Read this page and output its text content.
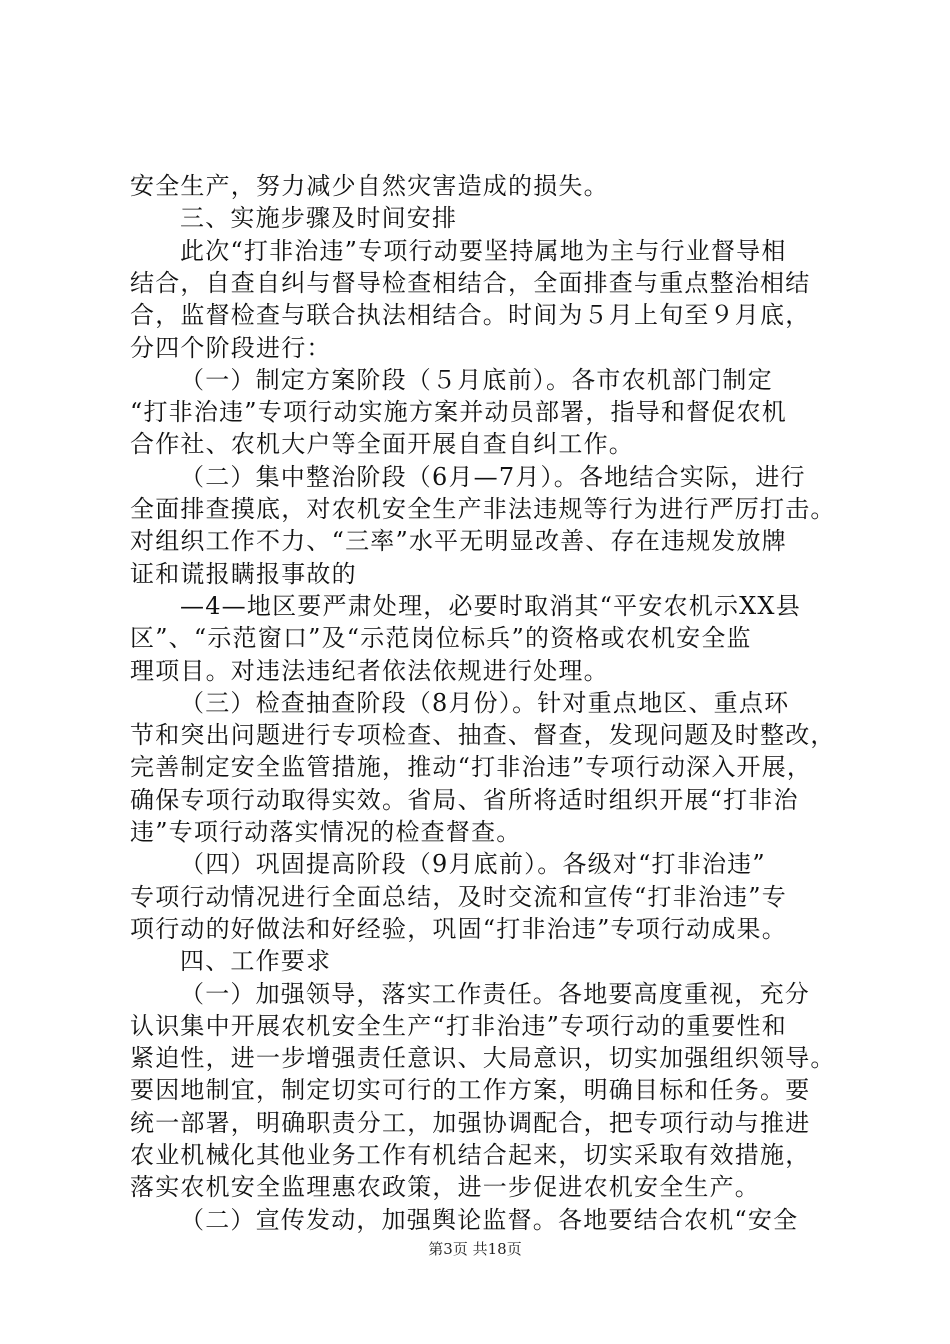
安全生产，努力减少自然灾害造成的损失。
三、实施步骤及时间安排
此次“打非治违”专项行动要坚持属地为主与行业督导相
结合，自查自纠与督导检查相结合，全面排查与重点整治相结
合，监督检查与联合执法相结合。时间为５月上旬至９月底，
分四个阶段进行：
（一）制定方案阶段（５月底前）。各市农机部门制定
“打非治违”专项行动实施方案并动员部署，指导和督促农机
合作社、农机大户等全面开展自查自纠工作。
（二）集中整治阶段（6月—7月）。各地结合实际，进行
全面排查摸底，对农机安全生产非法违规等行为进行严厉打击。
对组织工作不力、“三率”水平无明显改善、存在违规发放牌
证和谎报瞒报事故的
—4—地区要严肃处理，必要时取消其“平安农机示XX县
区”、“示范窗口”及“示范岗位标兵”的资格或农机安全监
理项目。对违法违纪者依法依规进行处理。
（三）检查抽查阶段（8月份）。针对重点地区、重点环
节和突出问题进行专项检查、抽查、督查，发现问题及时整改，
完善制定安全监管措施，推动“打非治违”专项行动深入开展，
确保专项行动取得实效。省局、省所将适时组织开展“打非治
违”专项行动落实情况的检查督查。
（四）巩固提高阶段（9月底前）。各级对“打非治违”
专项行动情况进行全面总结，及时交流和宣传“打非治违”专
项行动的好做法和好经验，巩固“打非治违”专项行动成果。
四、工作要求
（一）加强领导，落实工作责任。各地要高度重视，充分
认识集中开展农机安全生产“打非治违”专项行动的重要性和
紧迫性，进一步增强责任意识、大局意识，切实加强组织领导。
要因地制宜，制定切实可行的工作方案，明确目标和任务。要
统一部署，明确职责分工，加强协调配合，把专项行动与推进
农业机械化其他业务工作有机结合起来，切实采取有效措施，
落实农机安全监理惠农政策，进一步促进农机安全生产。
（二）宣传发动，加强舆论监督。各地要结合农机“安全
第3页 共18页
